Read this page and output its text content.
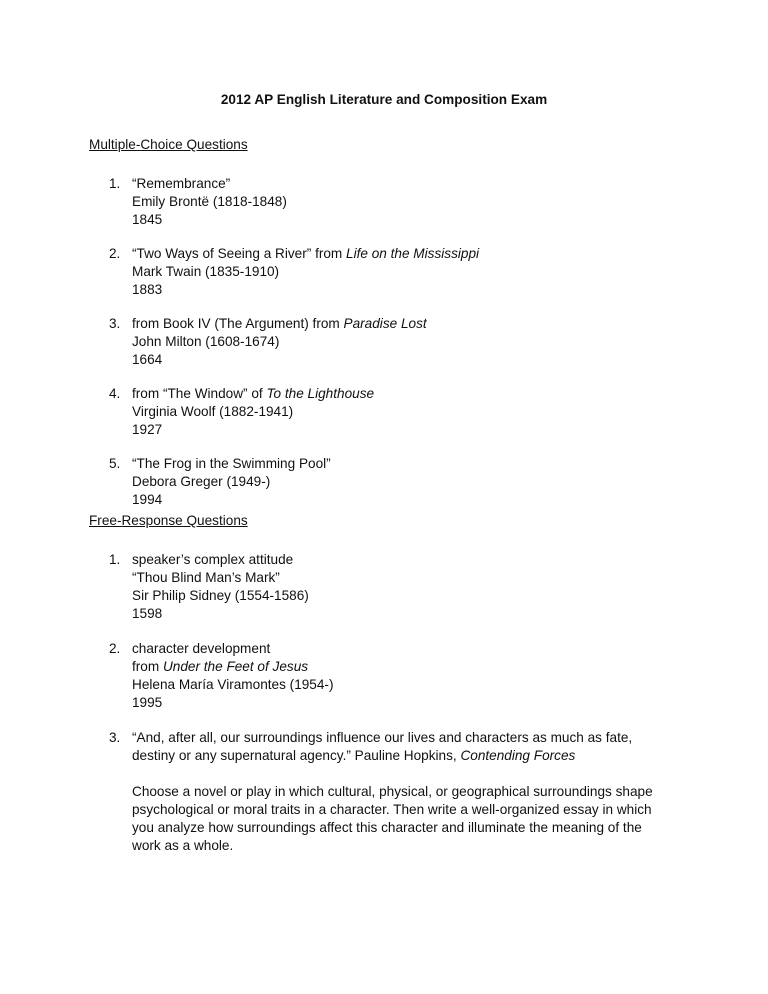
2012 AP English Literature and Composition Exam
Multiple-Choice Questions
1. “Remembrance”
Emily Brontë (1818-1848)
1845
2. “Two Ways of Seeing a River” from Life on the Mississippi
Mark Twain (1835-1910)
1883
3. from Book IV (The Argument) from Paradise Lost
John Milton (1608-1674)
1664
4. from “The Window” of To the Lighthouse
Virginia Woolf (1882-1941)
1927
5. “The Frog in the Swimming Pool”
Debora Greger (1949-)
1994
Free-Response Questions
1. speaker’s complex attitude
“Thou Blind Man’s Mark”
Sir Philip Sidney (1554-1586)
1598
2. character development
from Under the Feet of Jesus
Helena María Viramontes (1954-)
1995
3. “And, after all, our surroundings influence our lives and characters as much as fate, destiny or any supernatural agency.” Pauline Hopkins, Contending Forces
Choose a novel or play in which cultural, physical, or geographical surroundings shape psychological or moral traits in a character. Then write a well-organized essay in which you analyze how surroundings affect this character and illuminate the meaning of the work as a whole.
